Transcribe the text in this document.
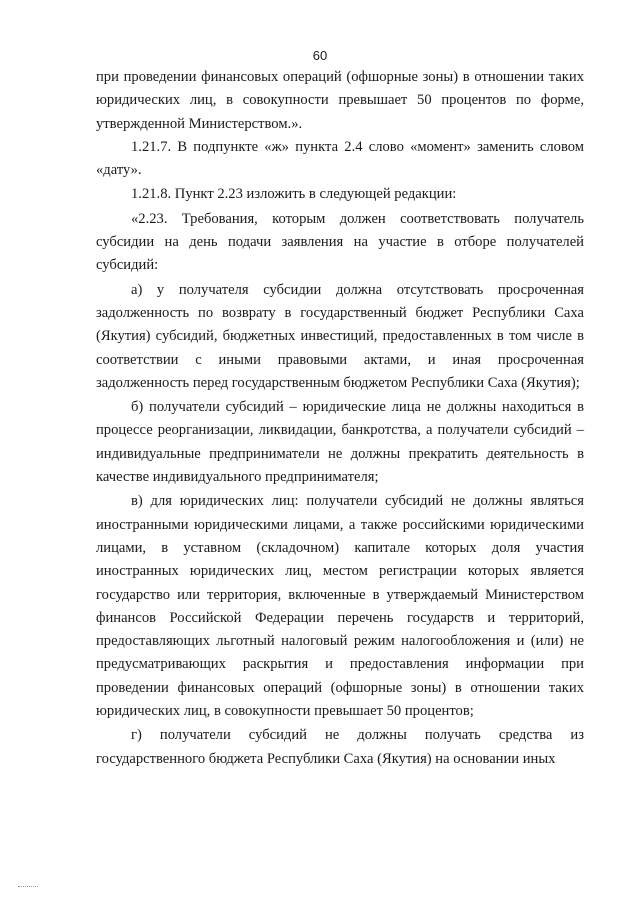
60

при проведении финансовых операций (офшорные зоны) в отношении таких юридических лиц, в совокупности превышает 50 процентов по форме, утвержденной Министерством.».

1.21.7. В подпункте «ж» пункта 2.4 слово «момент» заменить словом «дату».

1.21.8. Пункт 2.23 изложить в следующей редакции:

«2.23. Требования, которым должен соответствовать получатель субсидии на день подачи заявления на участие в отборе получателей субсидий:

а) у получателя субсидии должна отсутствовать просроченная задолженность по возврату в государственный бюджет Республики Саха (Якутия) субсидий, бюджетных инвестиций, предоставленных в том числе в соответствии с иными правовыми актами, и иная просроченная задолженность перед государственным бюджетом Республики Саха (Якутия);

б) получатели субсидий – юридические лица не должны находиться в процессе реорганизации, ликвидации, банкротства, а получатели субсидий – индивидуальные предприниматели не должны прекратить деятельность в качестве индивидуального предпринимателя;

в) для юридических лиц: получатели субсидий не должны являться иностранными юридическими лицами, а также российскими юридическими лицами, в уставном (складочном) капитале которых доля участия иностранных юридических лиц, местом регистрации которых является государство или территория, включенные в утверждаемый Министерством финансов Российской Федерации перечень государств и территорий, предоставляющих льготный налоговый режим налогообложения и (или) не предусматривающих раскрытия и предоставления информации при проведении финансовых операций (офшорные зоны) в отношении таких юридических лиц, в совокупности превышает 50 процентов;

г) получатели субсидий не должны получать средства из государственного бюджета Республики Саха (Якутия) на основании иных
